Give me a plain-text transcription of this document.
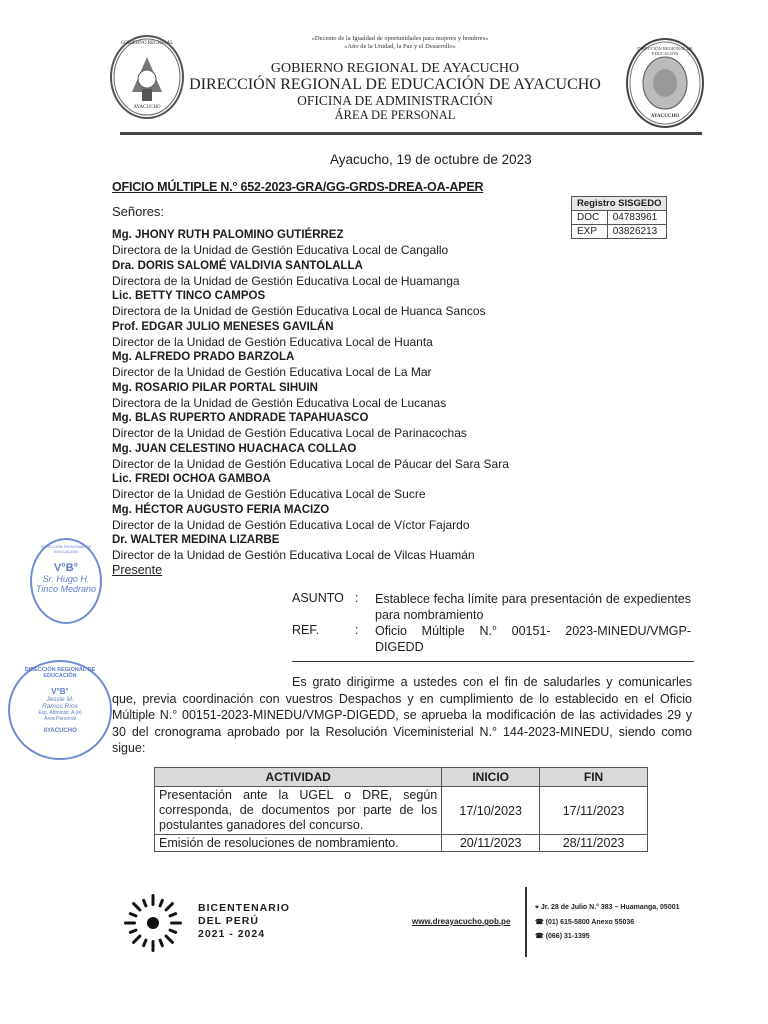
«Decenio de la Igualdad de oportunidades para mujeres y hombres»
«Año de la Unidad, la Paz y el Desarrollo»
GOBIERNO REGIONAL
AYACUCHO
GOBIERNO REGIONAL DE AYACUCHO
DIRECCIÓN REGIONAL DE EDUCACIÓN DE AYACUCHO
OFICINA DE ADMINISTRACIÓN
ÁREA DE PERSONAL
DIRECCIÓN REGIONAL DE EDUCACIÓN
AYACUCHO
Ayacucho, 19 de octubre de 2023
OFICIO MÚLTIPLE N.° 652-2023-GRA/GG-GRDS-DREA-OA-APER
Señores:
Registro SISGEDO	
DOC	04783961
EXP	03826213
Mg. JHONY RUTH PALOMINO GUTIÉRREZ
Directora de la Unidad de Gestión Educativa Local de Cangallo
Dra. DORIS SALOMÉ VALDIVIA SANTOLALLA
Directora de la Unidad de Gestión Educativa Local de Huamanga
Lic. BETTY TINCO CAMPOS
Directora de la Unidad de Gestión Educativa Local de Huanca Sancos
Prof. EDGAR JULIO MENESES GAVILÁN
Director de la Unidad de Gestión Educativa Local de Huanta
Mg. ALFREDO PRADO BARZOLA
Director de la Unidad de Gestión Educativa Local de La Mar
Mg. ROSARIO PILAR PORTAL SIHUIN
Directora de la Unidad de Gestión Educativa Local de Lucanas
Mg. BLAS RUPERTO ANDRADE TAPAHUASCO
Director de la Unidad de Gestión Educativa Local de Parinacochas
Mg. JUAN CELESTINO HUACHACA COLLAO
Director de la Unidad de Gestión Educativa Local de Páucar del Sara Sara
Lic. FREDI OCHOA GAMBOA
Director de la Unidad de Gestión Educativa Local de Sucre
Mg. HÉCTOR AUGUSTO FERIA MACIZO
Director de la Unidad de Gestión Educativa Local de Víctor Fajardo
Dr. WALTER MEDINA LIZARBE
Director de la Unidad de Gestión Educativa Local de Vilcas Huamán
Presente
DIRECCIÓN REGIONAL DE EDUCACIÓN
V°B°
Sr. Hugo H.
Tinco Medrano
ASUNTO : Establece fecha límite para presentación de expedientes para nombramiento
REF.	: Oficio Múltiple N.° 00151- 2023-MINEDU/VMGP-DIGEDD
DIRECCIÓN REGIONAL DE EDUCACIÓN
V°B°
Jessie M.
Ramos Ríos
Esp. Administ. A (e)
Área Personal
AYACUCHO
Es grato dirigirme a ustedes con el fin de saludarles y comunicarles que, previa coordinación con vuestros Despachos y en cumplimiento de lo establecido en el Oficio Múltiple N.° 00151-2023-MINEDU/VMGP-DIGEDD, se aprueba la modificación de las actividades 29 y 30 del cronograma aprobado por la Resolución Viceministerial N.° 144-2023-MINEDU, siendo como sigue:
ACTIVIDAD	INICIO	FIN
Presentación ante la UGEL o DRE, según corresponda, de documentos por parte de los postulantes ganadores del concurso.	17/10/2023	17/11/2023
Emisión de resoluciones de nombramiento.	20/11/2023	28/11/2023
BICENTENARIO
DEL PERÚ
2021 - 2024
www.dreayacucho.gob.pe
⌖ Jr. 28 de Julio N.° 383 – Huamanga, 05001
☎ (01) 615-5800 Anexo 55036
☎ (066) 31-1395
